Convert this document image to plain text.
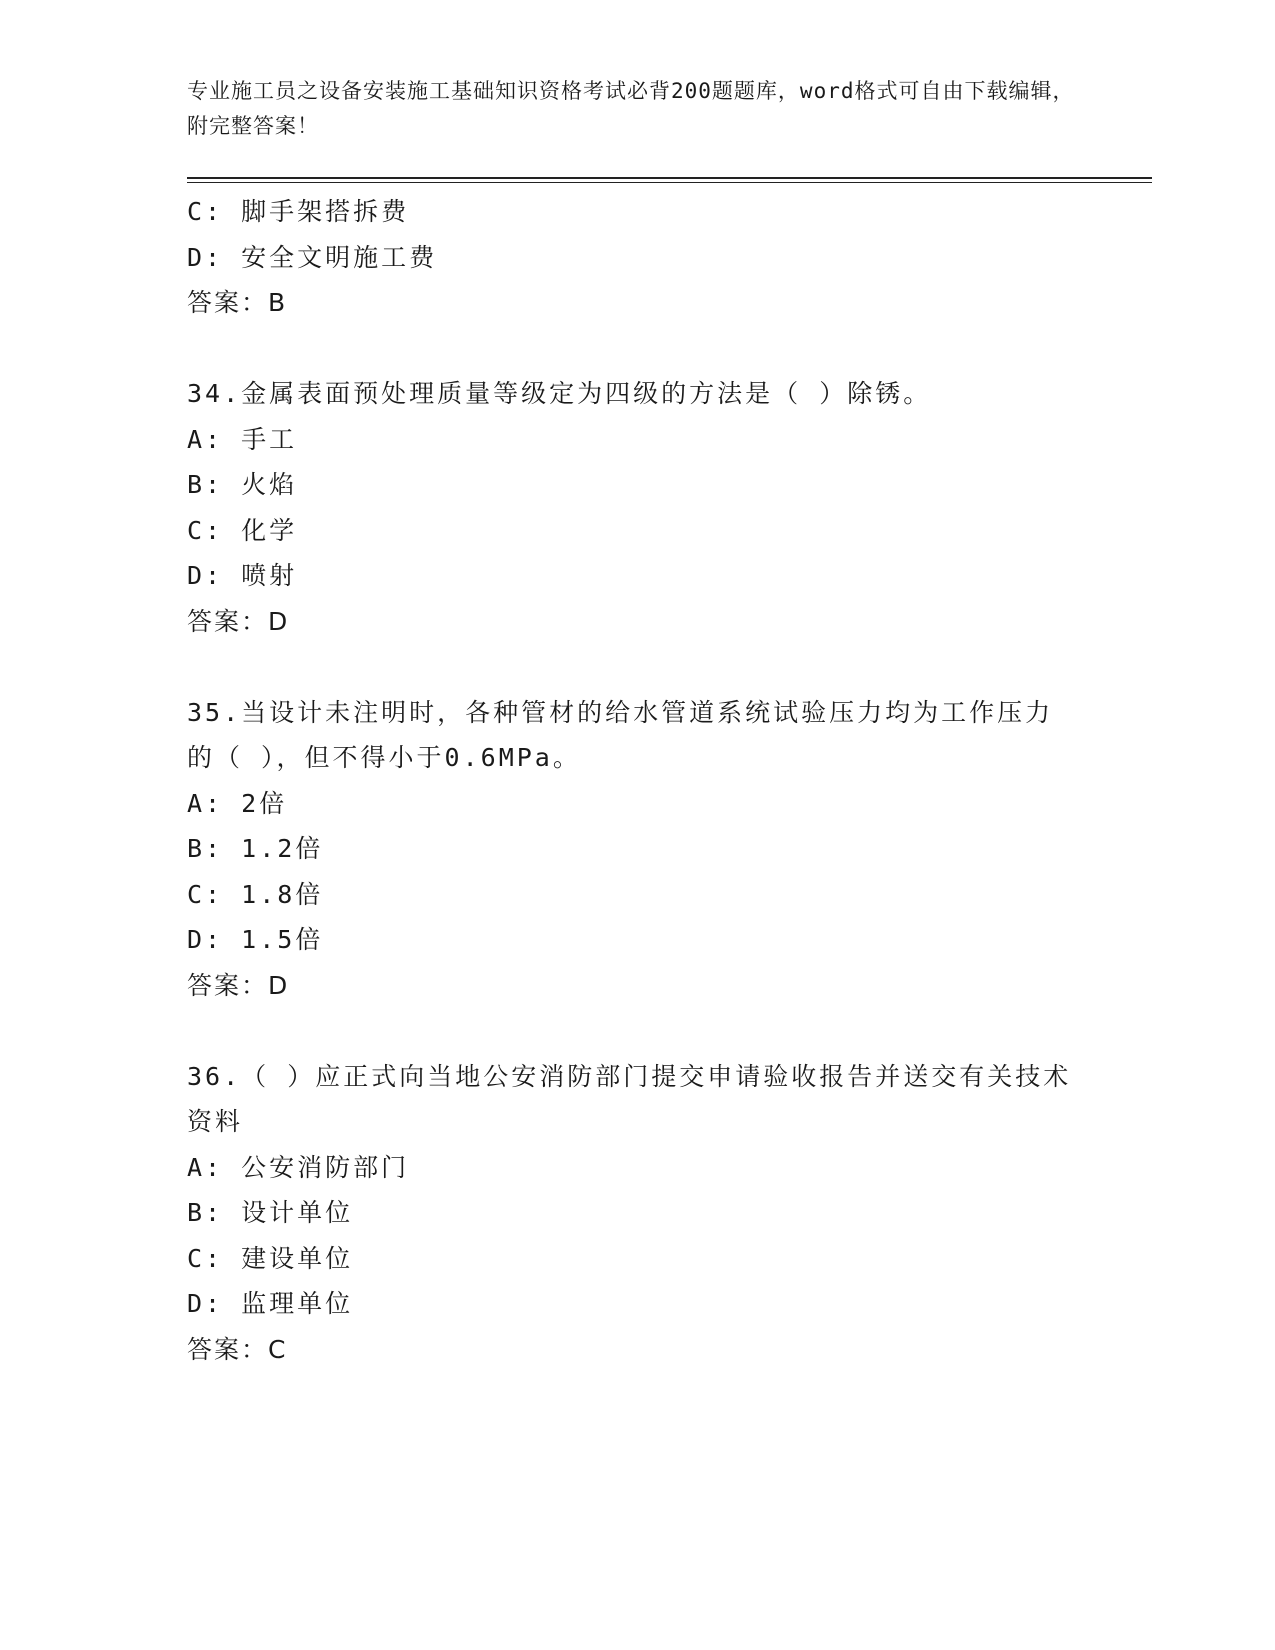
专业施工员之设备安装施工基础知识资格考试必背200题题库，word格式可自由下载编辑，附完整答案！
C: 脚手架搭拆费
D: 安全文明施工费
答案：B
34.金属表面预处理质量等级定为四级的方法是（ ）除锈。
A: 手工
B: 火焰
C: 化学
D: 喷射
答案：D
35.当设计未注明时，各种管材的给水管道系统试验压力均为工作压力的（ ），但不得小于0.6MPa。
A: 2倍
B: 1.2倍
C: 1.8倍
D: 1.5倍
答案：D
36.（ ）应正式向当地公安消防部门提交申请验收报告并送交有关技术资料
A: 公安消防部门
B: 设计单位
C: 建设单位
D: 监理单位
答案：C
